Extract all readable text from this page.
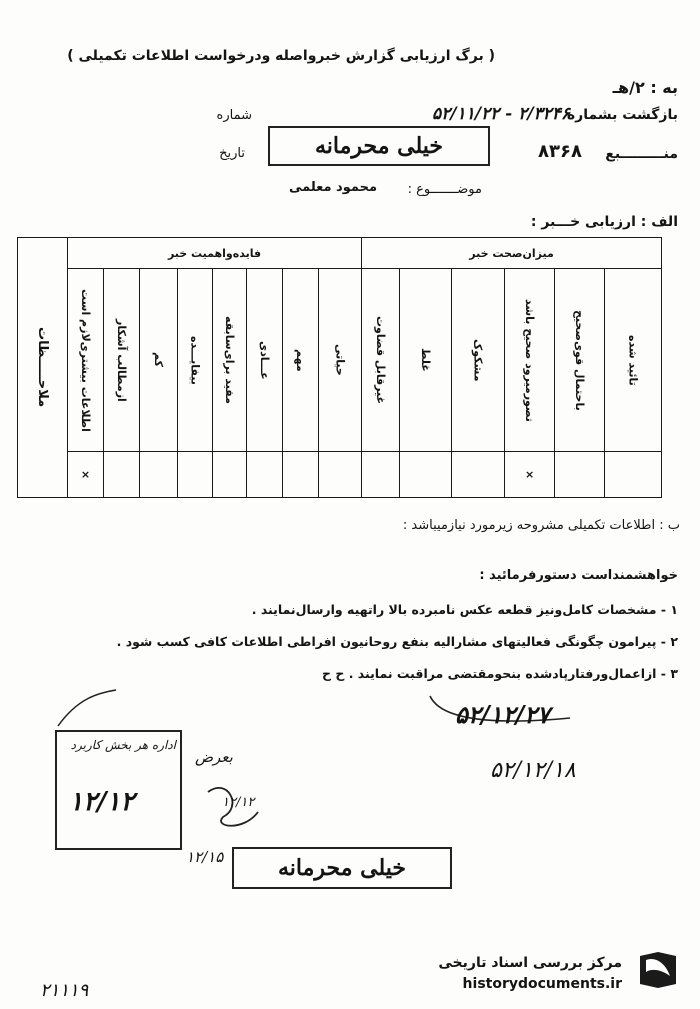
( برگ ارزیابی گزارش خبرواصله ودرخواست اطلاعات تکمیلی )
به : ۲/هـ
بازگشت بشماره
۲/۳۲۴۶ - ۵۲/۱۱/۲۲
شماره
منـــــــــبع
۸۳۶۸
تاریخ	خیلی محرمانه
موضـــــــوع :
محمود معلمی
الف : ارزیابی خـــبر :
میزان‌صحت خبر						فایده‌واهمیت خبر								ملاحـــــظات

تائید شده	باحتمال قوی‌صحیح	تصورمیرود صحیح باشد	مشکوک	غلط	غیرقابل قضاوت	حیاتی	مهم	عـــادی	مفید برای‌سابقه	بیفایـــده	کم	ازمطالب آشکار	اطلاعات بیشتری‌لازم است	

		×											×	
ب : اطلاعات تکمیلی مشروحه زیرمورد نیازمیباشد :
خواهشمنداست دستورفرمائید :
۱ - مشخصات کامل‌ونیز قطعه عکس نامبرده بالا راتهیه وارسال‌نمایند .
۲ - پیرامون چگونگی فعالیتهای مشارالیه بنفع روحانیون افراطی اطلاعات کافی کسب شود .
۳ - ازاعمال‌ورفتارپادشده بنحومقتضی مراقبت نمایند . ح ح
۵۲/۱۲/۲۷
۵۲/۱۲/۱۸
اداره هر بخش کاربرد
۱۲/۱۲
بعرض
۱۲/۱۲
۱۲/۱۵	خیلی محرمانه
۲۱۱۱۹
مرکز بررسی اسناد تاریخی
historydocuments.ir
